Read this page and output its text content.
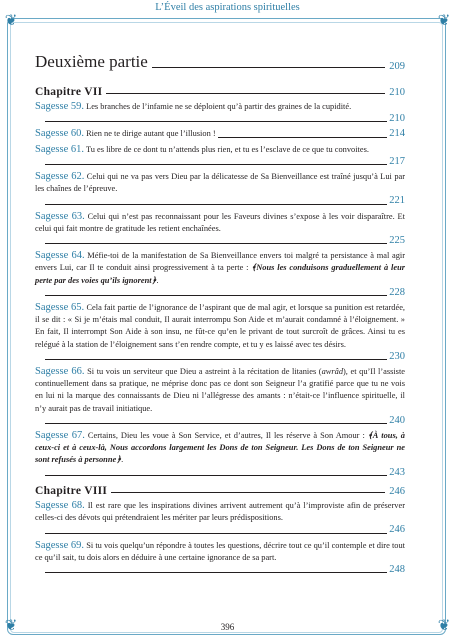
❦	❦
❦	❦
L’Éveil des aspirations spirituelles
Deuxième partie	209
Chapitre VII	210
Sagesse 59. Les branches de l’infamie ne se déploient qu’à partir des graines de la cupidité.
210
Sagesse 60. Rien ne te dirige autant que l’illusion !	214
Sagesse 61. Tu es libre de ce dont tu n’attends plus rien, et tu es l’esclave de ce que tu convoites.
217
Sagesse 62. Celui qui ne va pas vers Dieu par la délicatesse de Sa Bienveillance est traîné jusqu’à Lui par les chaînes de l’épreuve.
221
Sagesse 63. Celui qui n’est pas reconnaissant pour les Faveurs divines s’expose à les voir disparaître. Et celui qui fait montre de gratitude les retient enchaînées.
225
Sagesse 64. Méfie-toi de la manifestation de Sa Bienveillance envers toi malgré ta persistance à mal agir envers Lui, car Il te conduit ainsi progressivement à ta perte : ﴾Nous les conduisons graduellement à leur perte par des voies qu’ils ignorent﴿.
228
Sagesse 65. Cela fait partie de l’ignorance de l’aspirant que de mal agir, et lorsque sa punition est retardée, il se dit : « Si je m’étais mal conduit, Il aurait interrompu Son Aide et m’aurait condamné à l’éloignement. » En fait, Il interrompt Son Aide à son insu, ne fût-ce qu’en le privant de tout surcroît de grâces. Ainsi tu es relégué à la station de l’éloignement sans t’en rendre compte, et tu y es laissé avec tes désirs.
230
Sagesse 66. Si tu vois un serviteur que Dieu a astreint à la récitation de litanies (awrâd), et qu’Il l’assiste continuellement dans sa pratique, ne méprise donc pas ce dont son Seigneur l’a gratifié parce que tu ne vois en lui ni la marque des connaissants de Dieu ni l’allégresse des amants : n’était-ce l’influence spirituelle, il n’y aurait pas de travail initiatique.
240
Sagesse 67. Certains, Dieu les voue à Son Service, et d’autres, Il les réserve à Son Amour : ﴾À tous, à ceux-ci et à ceux-là, Nous accordons largement les Dons de ton Seigneur. Les Dons de ton Seigneur ne sont refusés à personne﴿.
243
Chapitre VIII	246
Sagesse 68. Il est rare que les inspirations divines arrivent autrement qu’à l’improviste afin de préserver celles-ci des dévots qui prétendraient les mériter par leurs prédispositions.
246
Sagesse 69. Si tu vois quelqu’un répondre à toutes les questions, décrire tout ce qu’il contemple et dire tout ce qu’il sait, tu dois alors en déduire à une certaine ignorance de sa part.
248
396
